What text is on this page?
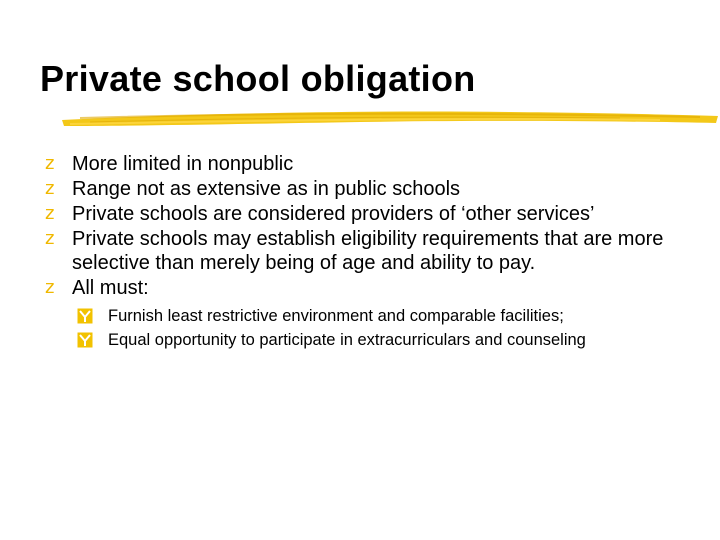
Private school obligation
z More limited in nonpublic
z Range not as extensive as in public schools
z Private schools are considered providers of ‘other services’
z Private schools may establish eligibility requirements that are more selective than merely being of age and ability to pay.
z All must:
Furnish least restrictive environment and comparable facilities;
Equal opportunity to participate in extracurriculars and counseling
